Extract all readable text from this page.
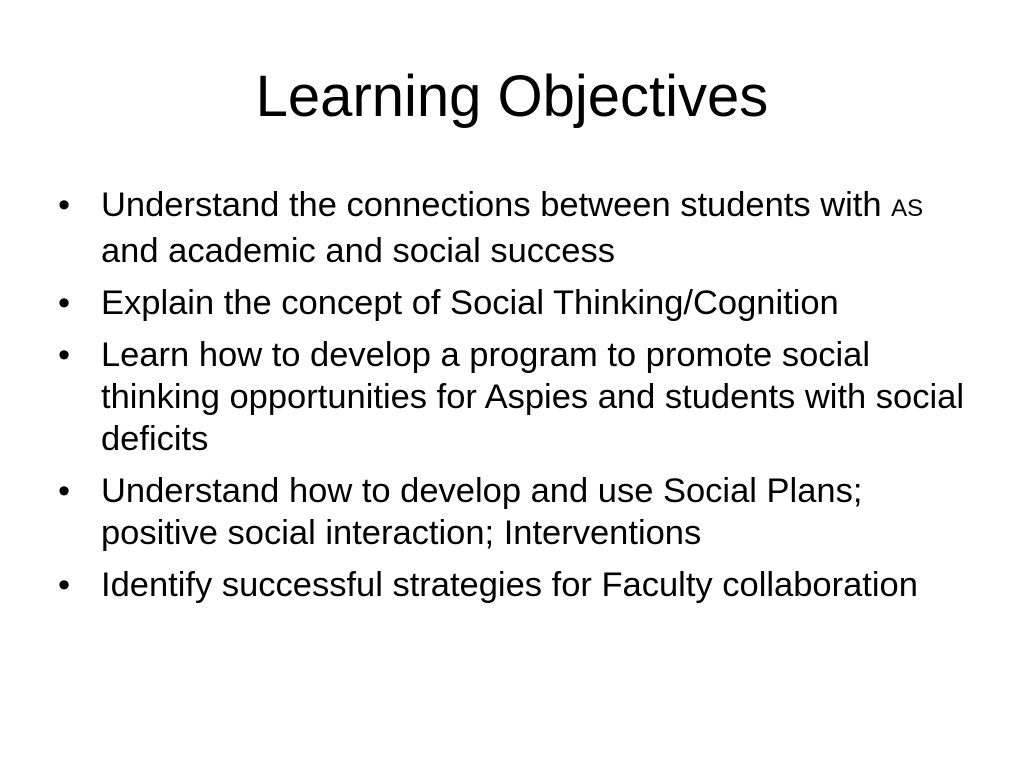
Learning Objectives
• Understand the connections between students with AS and academic and social success
• Explain the concept of Social Thinking/Cognition
• Learn how to develop a program to promote social thinking opportunities for Aspies and students with social deficits
• Understand how to develop and use Social Plans; positive social interaction; Interventions
• Identify successful strategies for Faculty collaboration
